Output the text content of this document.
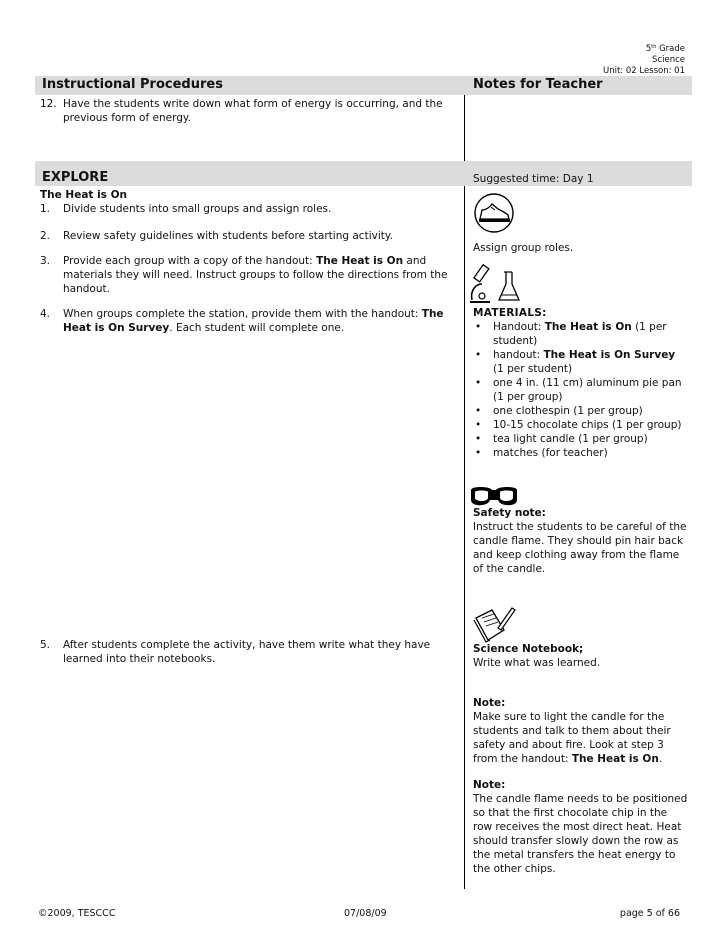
5th Grade
Science
Unit: 02 Lesson: 01
Instructional Procedures	Notes for Teacher
12. Have the students write down what form of energy is occurring, and the previous form of energy.
EXPLORE	Suggested time: Day 1
The Heat is On
1. Divide students into small groups and assign roles.
2. Review safety guidelines with students before starting activity.
3. Provide each group with a copy of the handout: The Heat is On and materials they will need. Instruct groups to follow the directions from the handout.
4. When groups complete the station, provide them with the handout: The Heat is On Survey. Each student will complete one.
5. After students complete the activity, have them write what they have learned into their notebooks.
Assign group roles.
MATERIALS:
• Handout: The Heat is On (1 per student)
• handout: The Heat is On Survey (1 per student)
• one 4 in. (11 cm) aluminum pie pan (1 per group)
• one clothespin (1 per group)
• 10-15 chocolate chips (1 per group)
• tea light candle (1 per group)
• matches (for teacher)
Safety note:
Instruct the students to be careful of the candle flame. They should pin hair back and keep clothing away from the flame of the candle.
Science Notebook;
Write what was learned.
Note:
Make sure to light the candle for the students and talk to them about their safety and about fire. Look at step 3 from the handout: The Heat is On.
Note:
The candle flame needs to be positioned so that the first chocolate chip in the row receives the most direct heat. Heat should transfer slowly down the row as the metal transfers the heat energy to the other chips.
©2009, TESCCC	07/08/09	page 5 of 66
